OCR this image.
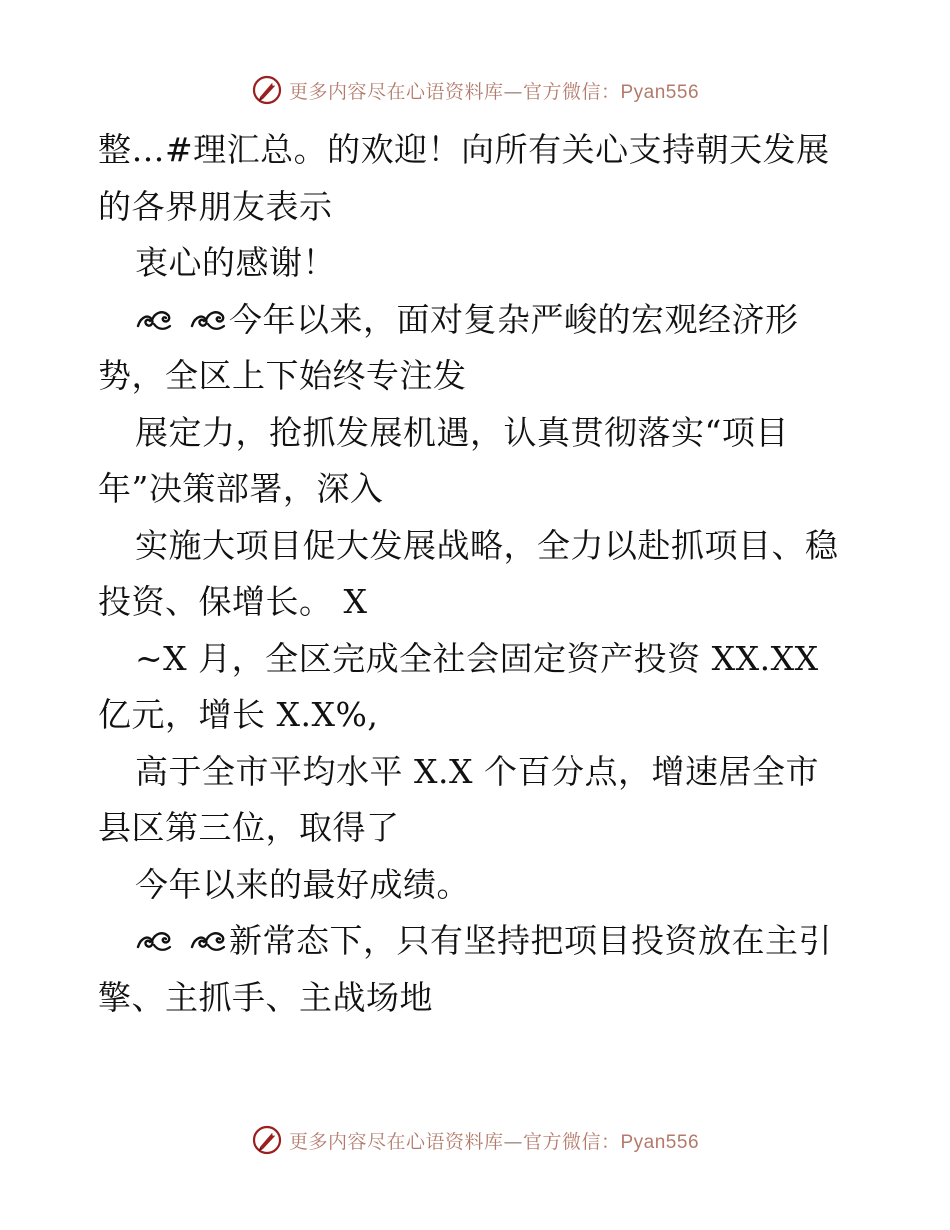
更多内容尽在心语资料库—官方微信：Pyan556
整…#理汇总。的欢迎！向所有关心支持朝天发展
的各界朋友表示
衷心的感谢！
今年以来，面对复杂严峻的宏观经济形
势，全区上下始终专注发
展定力，抢抓发展机遇，认真贯彻落实“项目
年”决策部署，深入
实施大项目促大发展战略，全力以赴抓项目、稳
投资、保增长。 X
~X 月，全区完成全社会固定资产投资 XX.XX
亿元，增长 X.X%,
高于全市平均水平 X.X 个百分点，增速居全市
县区第三位，取得了
今年以来的最好成绩。
新常态下，只有坚持把项目投资放在主引
擎、主抓手、主战场地
更多内容尽在心语资料库—官方微信：Pyan556
